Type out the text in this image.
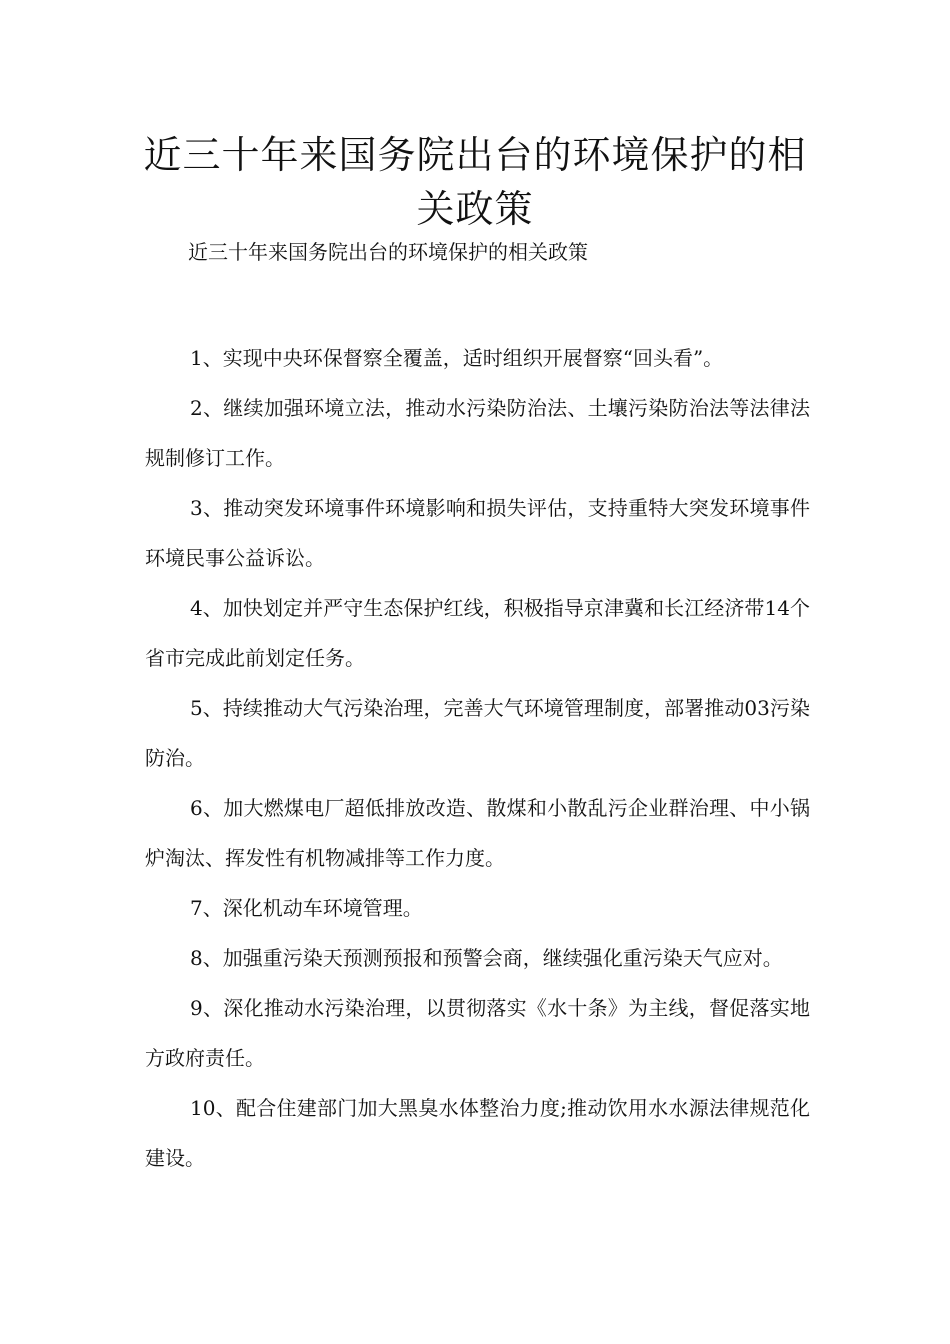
近三十年来国务院出台的环境保护的相关政策

近三十年来国务院出台的环境保护的相关政策

1、实现中央环保督察全覆盖，适时组织开展督察“回头看”。

2、继续加强环境立法，推动水污染防治法、土壤污染防治法等法律法规制修订工作。

3、推动突发环境事件环境影响和损失评估，支持重特大突发环境事件环境民事公益诉讼。

4、加快划定并严守生态保护红线，积极指导京津冀和长江经济带14个省市完成此前划定任务。

5、持续推动大气污染治理，完善大气环境管理制度，部署推动03污染防治。

6、加大燃煤电厂超低排放改造、散煤和小散乱污企业群治理、中小锅炉淘汰、挥发性有机物减排等工作力度。

7、深化机动车环境管理。

8、加强重污染天预测预报和预警会商，继续强化重污染天气应对。

9、深化推动水污染治理，以贯彻落实《水十条》为主线，督促落实地方政府责任。

10、配合住建部门加大黑臭水体整治力度;推动饮用水水源法律规范化建设。
